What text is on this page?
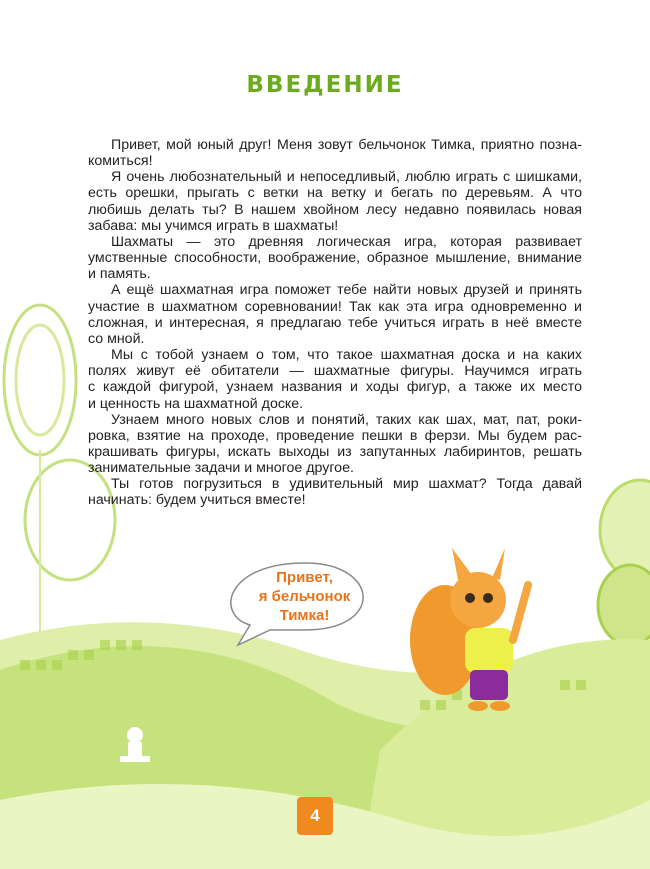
ВВЕДЕНИЕ
Привет, мой юный друг! Меня зовут бельчонок Тимка, приятно позна-
комиться!
Я очень любознательный и непоседливый, люблю играть с шишками,
есть орешки, прыгать с ветки на ветку и бегать по деревьям. А что
любишь делать ты? В нашем хвойном лесу недавно появилась новая
забава: мы учимся играть в шахматы!
Шахматы — это древняя логическая игра, которая развивает
умственные способности, воображение, образное мышление, внимание
и память.
А ещё шахматная игра поможет тебе найти новых друзей и принять
участие в шахматном соревновании! Так как эта игра одновременно и
сложная, и интересная, я предлагаю тебе учиться играть в неё вместе
со мной.
Мы с тобой узнаем о том, что такое шахматная доска и на каких
полях живут её обитатели — шахматные фигуры. Научимся играть
с каждой фигурой, узнаем названия и ходы фигур, а также их место
и ценность на шахматной доске.
Узнаем много новых слов и понятий, таких как шах, мат, пат, роки-
ровка, взятие на проходе, проведение пешки в ферзи. Мы будем рас-
крашивать фигуры, искать выходы из запутанных лабиринтов, решать
занимательные задачи и многое другое.
Ты готов погрузиться в удивительный мир шахмат? Тогда давай
начинать: будем учиться вместе!
Привет,
я бельчонок
Тимка!
4
